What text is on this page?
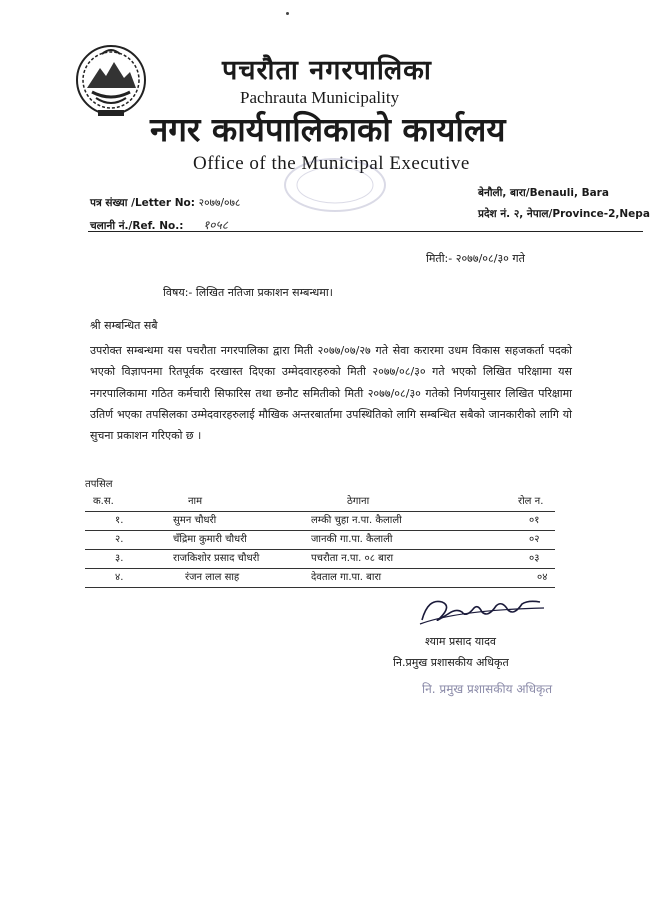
पचरौता नगरपालिका
Pachrauta Municipality
नगर कार्यपालिकाको कार्यालय
Office of the Municipal Executive
पत्र संख्या /Letter No: २०७७/०७८
चलानी नं./Ref. No.: १०५८
बेनौली, बारा/Benauli, Bara
प्रदेश नं. २, नेपाल/Province-2,Nepa
मिती:- २०७७/०८/३० गते
विषय:- लिखित नतिजा प्रकाशन सम्बन्धमा।
श्री सम्बन्धित सबै
उपरोक्त सम्बन्धमा यस पचरौता नगरपालिका द्वारा मिती २०७७/०७/२७ गते सेवा करारमा उधम विकास सहजकर्ता पदको भएको विज्ञापनमा रितपूर्वक दरखास्त दिएका उम्मेदवारहरुको मिती २०७७/०८/३० गते भएको लिखित परिक्षामा यस नगरपालिकामा गठित कर्मचारी सिफारिस तथा छनौट समितीको मिती २०७७/०८/३० गतेको निर्णयानुसार लिखित परिक्षामा उतिर्ण भएका तपसिलका उम्मेदवारहरुलाई मौखिक अन्तरबार्तामा उपस्थितिको लागि सम्बन्धित सबैको जानकारीको लागि यो सुचना प्रकाशन गरिएको छ ।
तपसिल
क.स.	नाम	ठेगाना	रोल न.
१.	सुमन चौधरी	लम्की चुहा न.पा. कैलाली	०१
२.	चँद्रिमा कुमारी चौधरी	जानकी गा.पा. कैलाली	०२
३.	राजकिशोर प्रसाद चौधरी	पचरौता न.पा. ०८ बारा	०३
४.	रंजन लाल साह	देवताल गा.पा. बारा	०४
श्याम प्रसाद यादव
नि.प्रमुख प्रशासकीय अधिकृत
नि. प्रमुख प्रशासकीय अधिकृत
